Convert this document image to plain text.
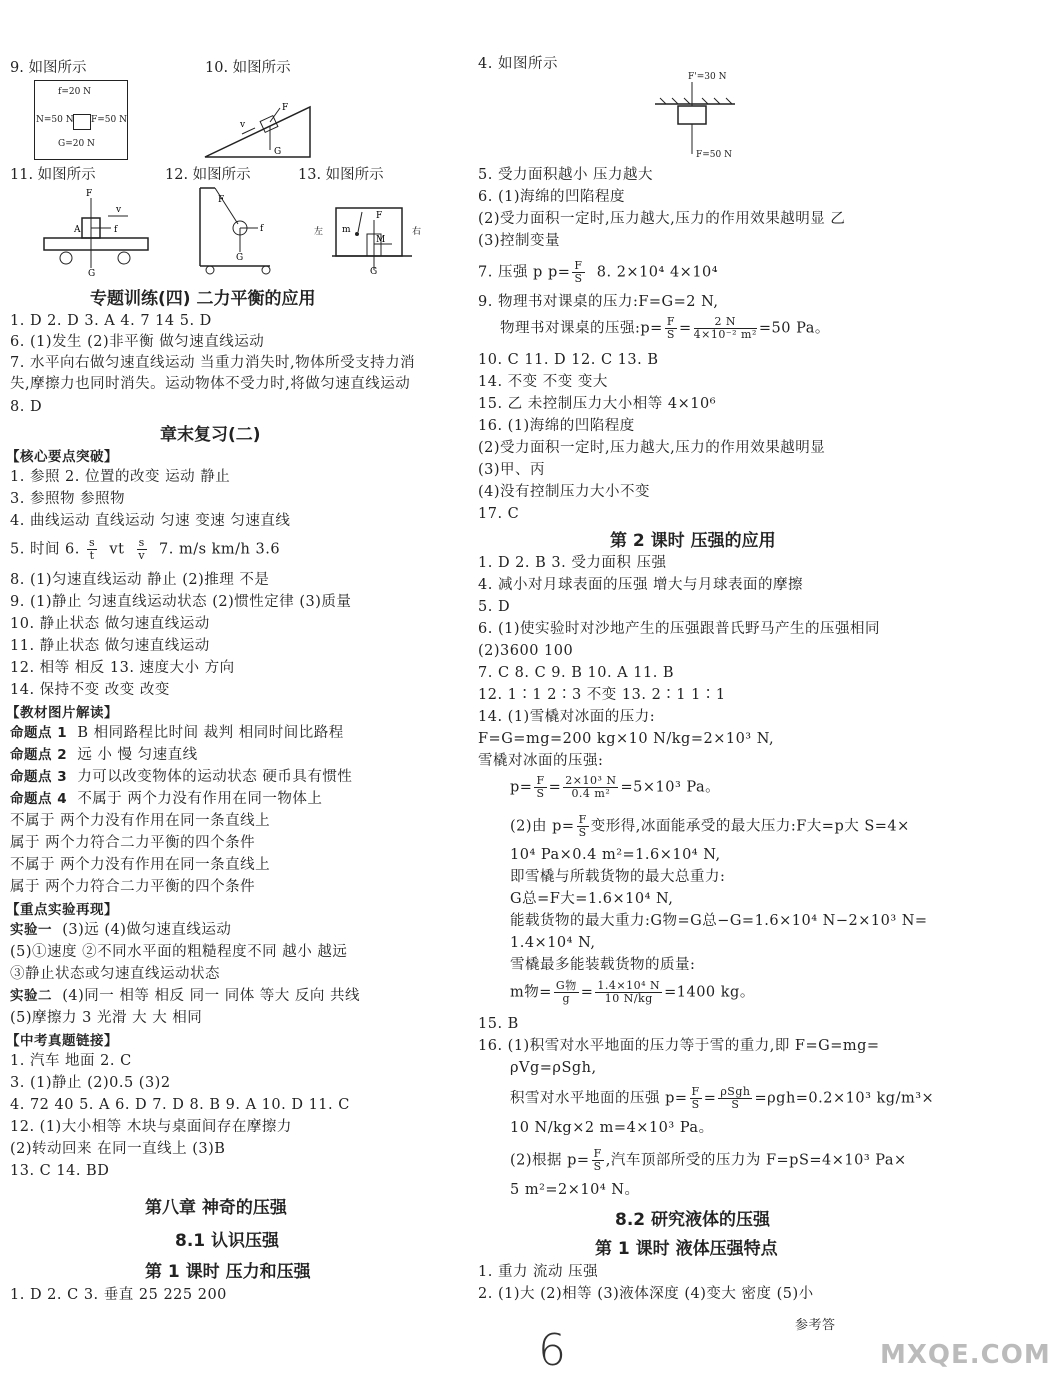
9. 如图所示	10. 如图所示
f=20 N
N=50 N F=50 N
G=20 N
F
G
v
11. 如图所示	12. 如图所示	13. 如图所示
F
A	f
G
v
F
f
G
左	右
m
M
F
G
专题训练(四) 二力平衡的应用
1. D 2. D 3. A 4. 7 14 5. D
6. (1)发生 (2)非平衡 做匀速直线运动
7. 水平向右做匀速直线运动 当重力消失时,物体所受支持力消
失,摩擦力也同时消失。运动物体不受力时,将做匀速直线运动
8. D
章末复习(二)
【核心要点突破】
1. 参照 2. 位置的改变 运动 静止
3. 参照物 参照物
4. 曲线运动 直线运动 匀速 变速 匀速直线
5. 时间 6. $\frac{s}{t}$ vt $\frac{s}{v} 7$. m/s km/h 3.6
8. (1)匀速直线运动 静止 (2)推理 不是
9. (1)静止 匀速直线运动状态 (2)惯性定律 (3)质量
10. 静止状态 做匀速直线运动
11. 静止状态 做匀速直线运动
12. 相等 相反 13. 速度大小 方向
14. 保持不变 改变 改变
【教材图片解读】
命题点 1 B 相同路程比时间 裁判 相同时间比路程
命题点 2 远 小 慢 匀速直线
命题点 3 力可以改变物体的运动状态 硬币具有惯性
命题点 4 不属于 两个力没有作用在同一物体上
不属于 两个力没有作用在同一条直线上
属于 两个力符合二力平衡的四个条件
不属于 两个力没有作用在同一条直线上
属于 两个力符合二力平衡的四个条件
【重点实验再现】
实验一 (3)远 (4)做匀速直线运动
(5)①速度 ②不同水平面的粗糙程度不同 越小 越远
③静止状态或匀速直线运动状态
实验二 (4)同一 相等 相反 同一 同体 等大 反向 共线
(5)摩擦力 3 光滑 大 大 相同
【中考真题链接】
1. 汽车 地面 2. C
3. (1)静止 (2)0.5 (3)2
4. 72 40 5. A 6. D 7. D 8. B 9. A 10. D 11. C
12. (1)大小相等 木块与桌面间存在摩擦力
(2)转动回来 在同一直线上 (3)B
13. C 14. BD
第八章 神奇的压强
8.1 认识压强
第 1 课时 压力和压强
1. D 2. C 3. 垂直 25 225 200
4. 如图所示
F'=30 N
F=50 N
5. 受力面积越小 压力越大
6. (1)海绵的凹陷程度
(2)受力面积一定时,压力越大,压力的作用效果越明显 乙
(3)控制变量
7. 压强 p $p= \frac{F}{S} 8$. 2×10⁴ 4×10⁴
9. 物理书对课桌的压力:F=G=2 N,
物理书对课桌的压强:p= $\frac{F}{S} = \frac{2 N}{\text{4×10⁻² m²}} =50$ Pa。
10. C 11. D 12. C 13. B
14. 不变 不变 变大
15. 乙 未控制压力大小相等 4×10⁶
16. (1)海绵的凹陷程度
(2)受力面积一定时,压力越大,压力的作用效果越明显
(3)甲、丙
(4)没有控制压力大小不变
17. C
第 2 课时 压强的应用
1. D 2. B 3. 受力面积 压强
4. 减小对月球表面的压强 增大与月球表面的摩擦
5. D
6. (1)使实验时对沙地产生的压强跟普氏野马产生的压强相同
(2)3600 100
7. C 8. C 9. B 10. A 11. B
12. 1∶1 2∶3 不变 13. 2∶1 1∶1
14. (1)雪橇对冰面的压力:
F=G=mg=200 kg×10 N/kg=2×10³ N,
雪橇对冰面的压强:
$p= \frac{F}{S} = \frac{\text{2×10³ N}}{\text{0.4 m²}} =5\times 10^3$ Pa。
(2)由 $p= \frac{F}{S}$ 变形得,冰面能承受的最大压力:F大=p大 S=4×
10⁴ Pa×0.4 m²=1.6×10⁴ N,
即雪橇与所载货物的最大总重力:
G总=F大=1.6×10⁴ N,
能载货物的最大重力:G物=G总−G=1.6×10⁴ N−2×10³ N=
1.4×10⁴ N,
雪橇最多能装载货物的质量:
m物= $\frac{\text{G物}}{g} = \frac{\text{1.4×10⁴ N}}{10 N/kg} =1400$ kg。
15. B
16. (1)积雪对水平地面的压力等于雪的重力,即 F=G=mg=
ρVg=ρSgh,
积雪对水平地面的压强 $p= \frac{F}{S} = \frac{\text{ρSgh}}{S} =\rho gh=0.2\times 10^3$ kg/m³×
10 N/kg×2 m=4×10³ Pa。
(2)根据 $p= \frac{F}{S}$ ,汽车顶部所受的压力为 F=pS=4×10³ Pa×
5 m²=2×10⁴ N。
8.2 研究液体的压强
第 1 课时 液体压强特点
1. 重力 流动 压强
2. (1)大 (2)相等 (3)液体深度 (4)变大 密度 (5)小
参考答
6	MXQE.COM
